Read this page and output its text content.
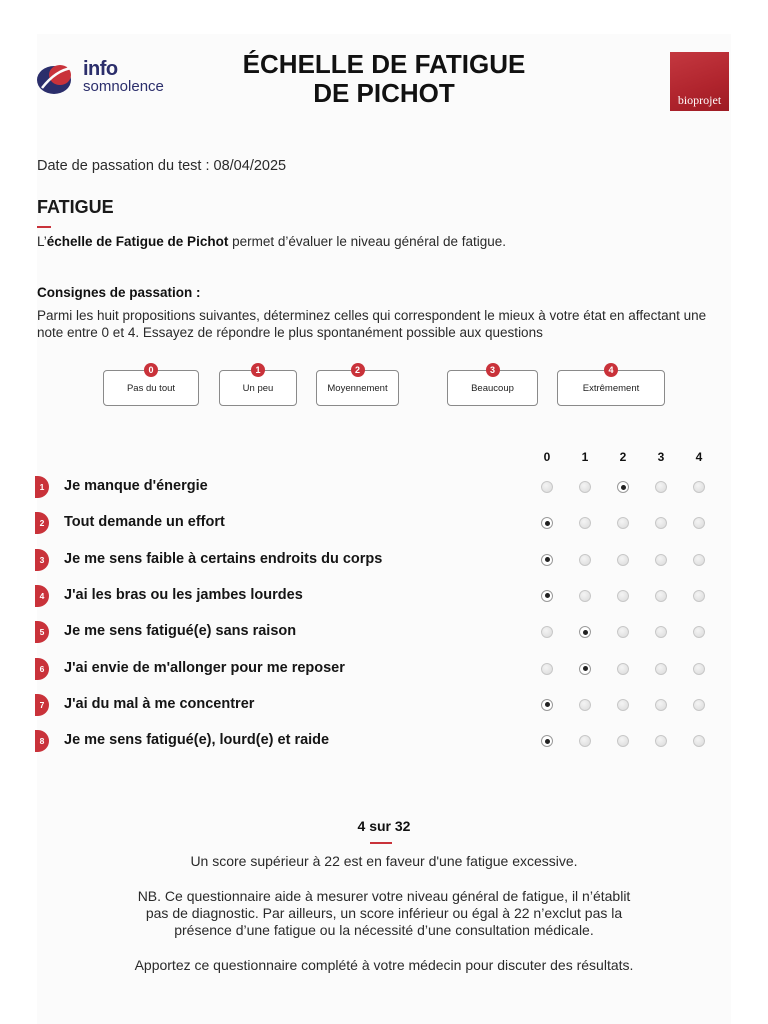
info
somnolence
ÉCHELLE DE FATIGUE
DE PICHOT	bioprojet
Date de passation du test : 08/04/2025
FATIGUE
L’échelle de Fatigue de Pichot permet d’évaluer le niveau général de fatigue.
Consignes de passation :
Parmi les huit propositions suivantes, déterminez celles qui correspondent le mieux à votre état en affectant une note entre 0 et 4. Essayez de répondre le plus spontanément possible aux questions
Pas du tout
0
Un peu
1
Moyennement
2
Beaucoup
3
Extrêmement
4
0	1	2	3	4
1	Je manque d'énergie
2	Tout demande un effort
3	Je me sens faible à certains endroits du corps
4	J'ai les bras ou les jambes lourdes
5	Je me sens fatigué(e) sans raison
6	J'ai envie de m'allonger pour me reposer
7	J'ai du mal à me concentrer
8	Je me sens fatigué(e), lourd(e) et raide
4 sur 32
Un score supérieur à 22 est en faveur d'une fatigue excessive.
NB. Ce questionnaire aide à mesurer votre niveau général de fatigue, il n’établit
pas de diagnostic. Par ailleurs, un score inférieur ou égal à 22 n’exclut pas la
présence d’une fatigue ou la nécessité d’une consultation médicale.
Apportez ce questionnaire complété à votre médecin pour discuter des résultats.
